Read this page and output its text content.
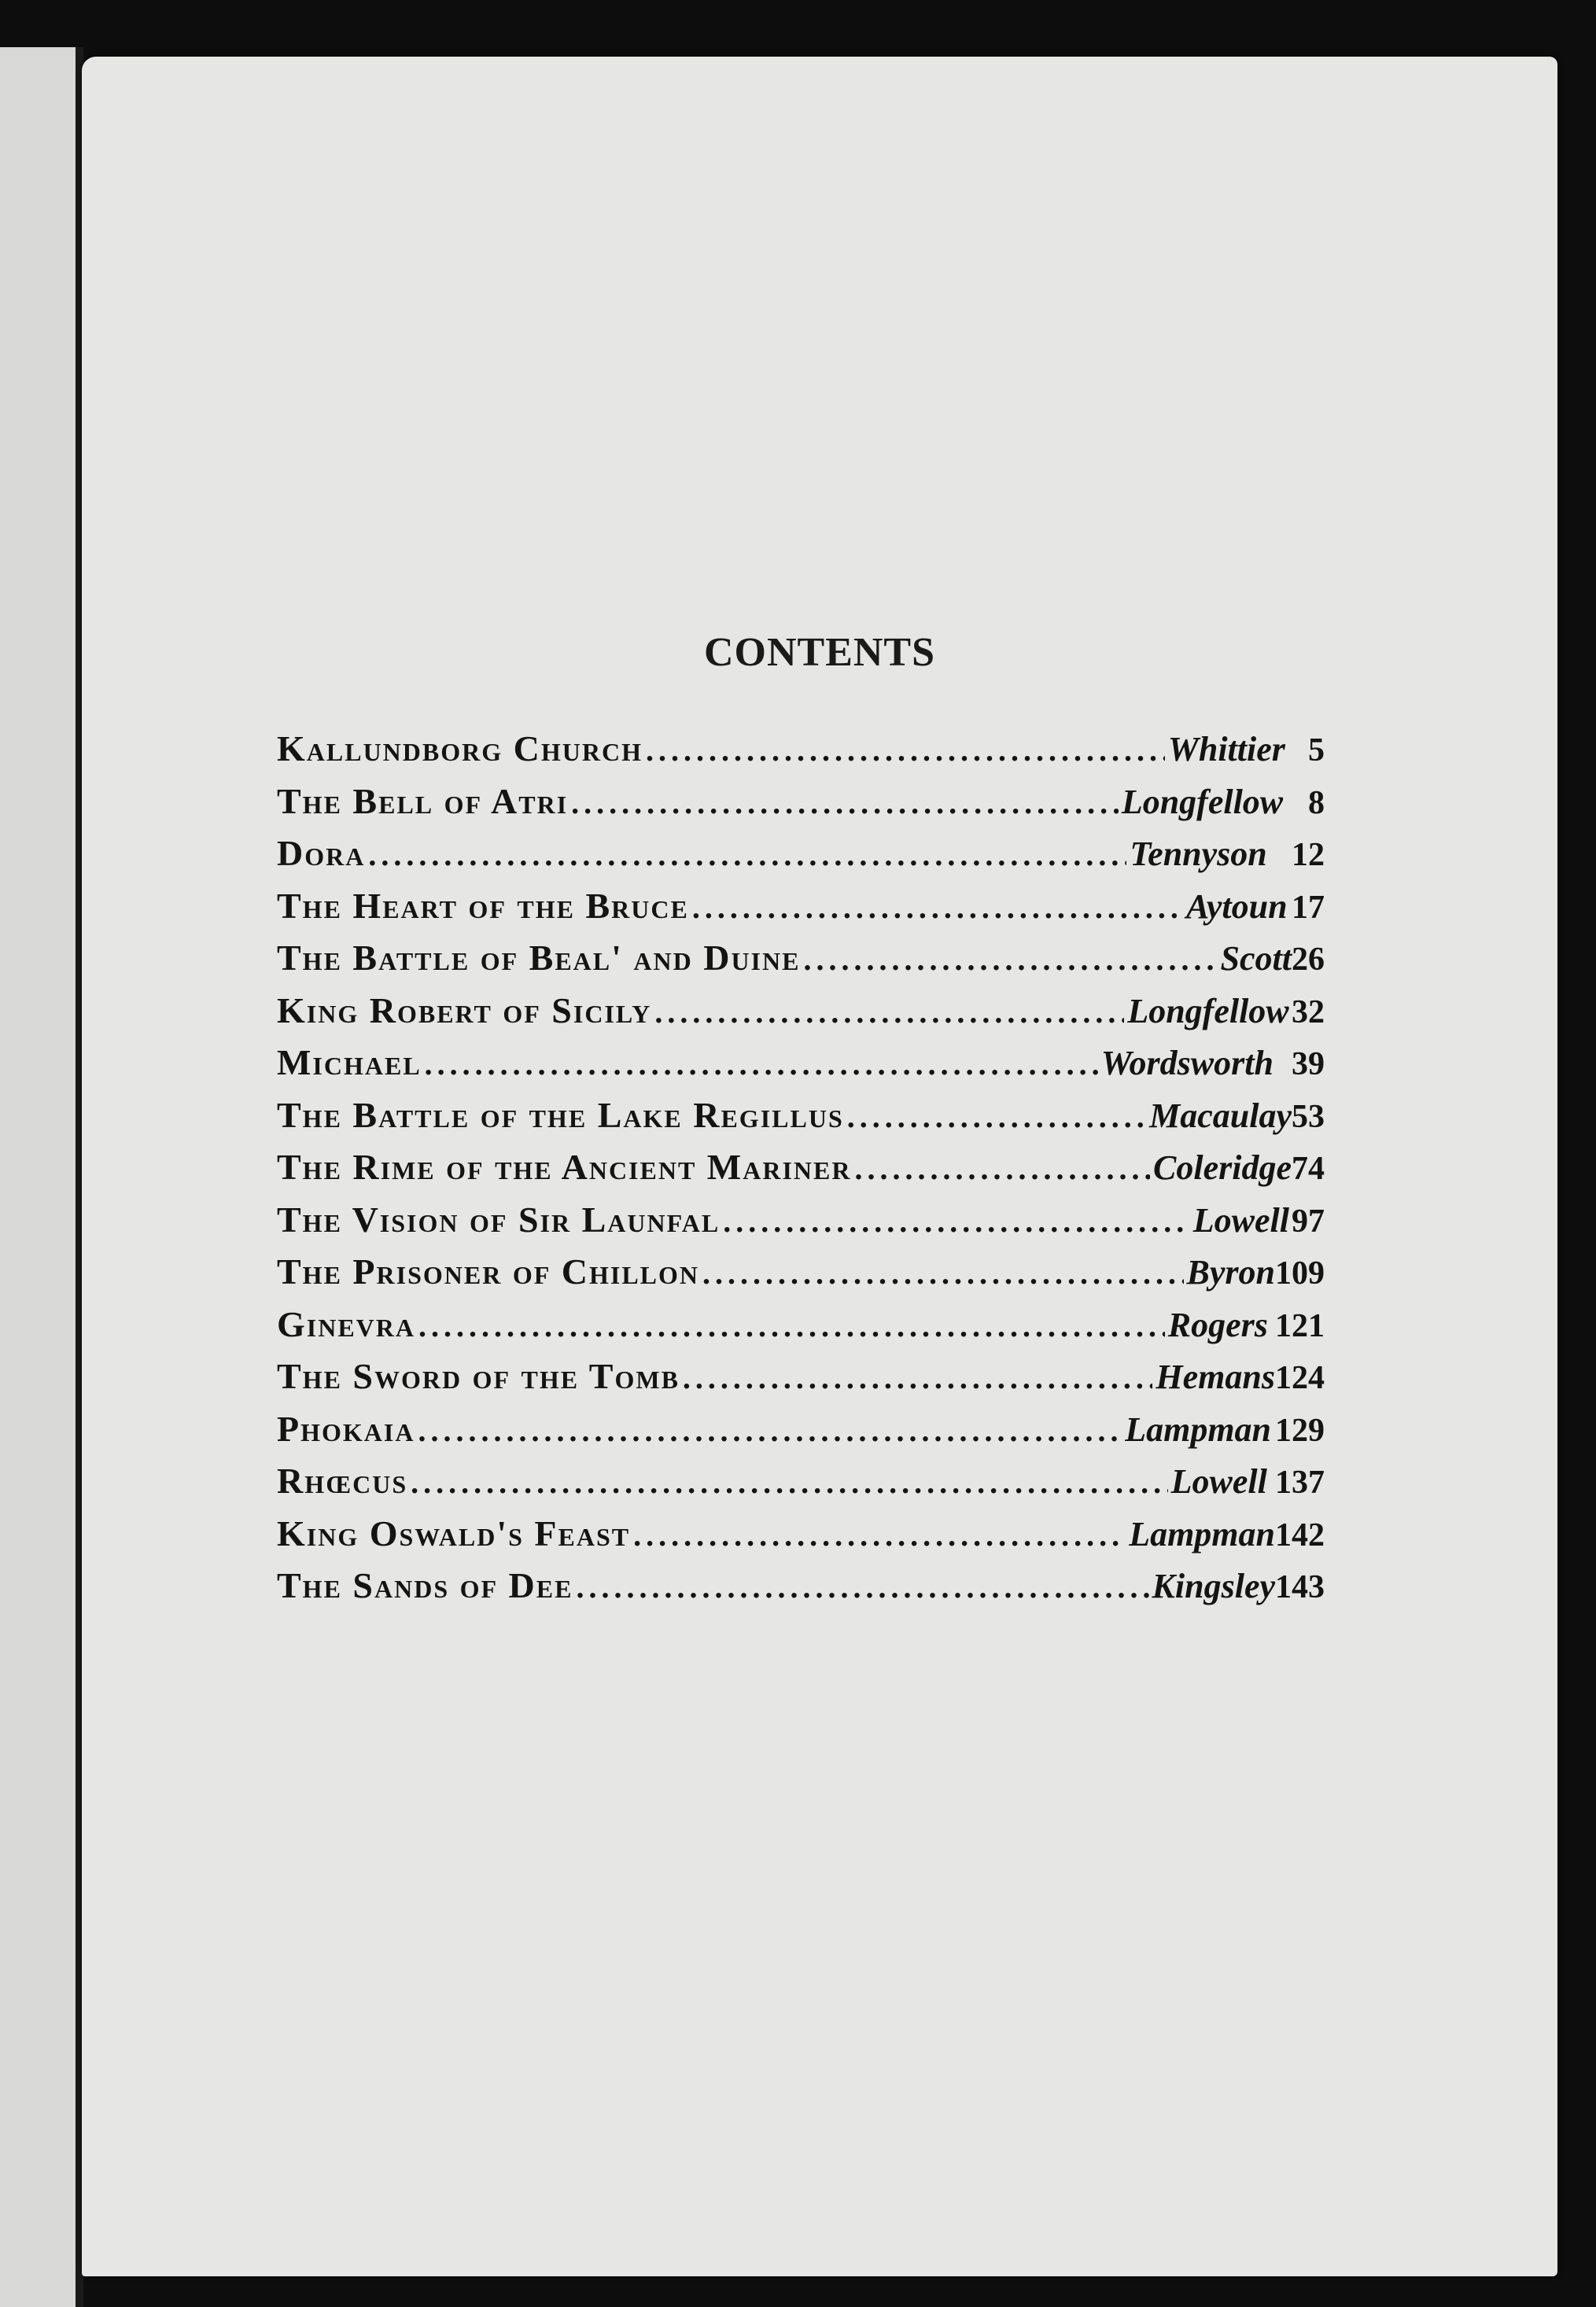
CONTENTS
Kallundborg Church . . .	Whittier 5
The Bell of Atri . . .	Longfellow 8
Dora . . .	Tennyson 12
The Heart of the Bruce . . .	Aytoun 17
The Battle of Beal' and Duine . . .	Scott 26
King Robert of Sicily . . .	Longfellow 32
Michael . . .	Wordsworth 39
The Battle of the Lake Regillus . . .	Macaulay 53
The Rime of the Ancient Mariner . . .	Coleridge 74
The Vision of Sir Launfal . . .	Lowell 97
The Prisoner of Chillon . . .	Byron 109
Ginevra . . .	Rogers 121
The Sword of the Tomb . . .	Hemans 124
Phokaia . . .	Lampman 129
Rhœcus . . .	Lowell 137
King Oswald's Feast . . .	Lampman 142
The Sands of Dee . . .	Kingsley 143
